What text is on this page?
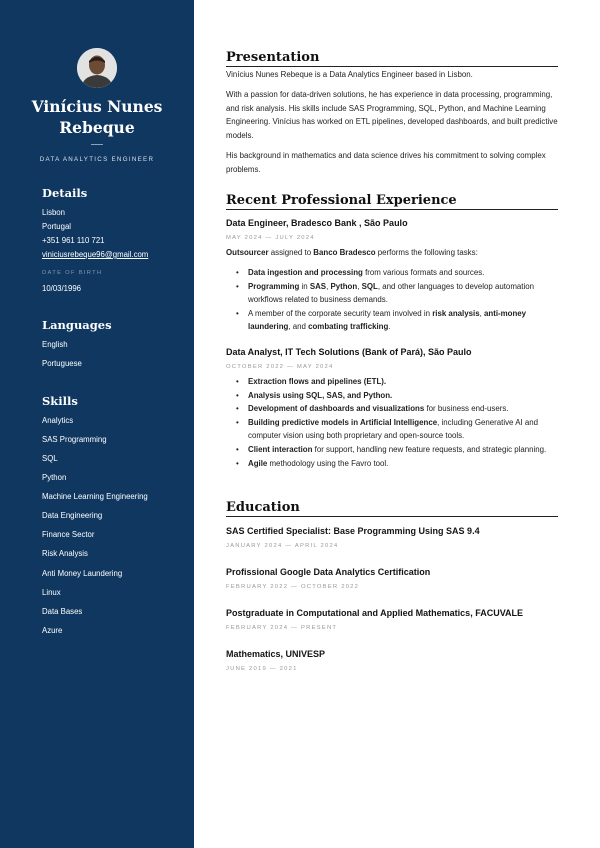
Vinícius Nunes Rebeque
DATA ANALYTICS ENGINEER
Details
Lisbon
Portugal
+351 961 110 721
viniciusrebeque96@gmail.com
DATE OF BIRTH
10/03/1996
Languages
English
Portuguese
Skills
Analytics
SAS Programming
SQL
Python
Machine Learning Engineering
Data Engineering
Finance Sector
Risk Analysis
Anti Money Laundering
Linux
Data Bases
Azure
Presentation
Vinícius Nunes Rebeque is a Data Analytics Engineer based in Lisbon.
With a passion for data-driven solutions, he has experience in data processing, programming, and risk analysis. His skills include SAS Programming, SQL, Python, and Machine Learning Engineering. Vinícius has worked on ETL pipelines, developed dashboards, and built predictive models.
His background in mathematics and data science drives his commitment to solving complex problems.
Recent Professional Experience
Data Engineer, Bradesco Bank , São Paulo
MAY 2024 — JULY 2024
Outsourcer assigned to Banco Bradesco performs the following tasks:
• Data ingestion and processing from various formats and sources.
• Programming in SAS, Python, SQL, and other languages to develop automation workflows related to business demands.
• A member of the corporate security team involved in risk analysis, anti-money laundering, and combating trafficking.
Data Analyst, IT Tech Solutions (Bank of Pará), São Paulo
OCTOBER 2022 — MAY 2024
• Extraction flows and pipelines (ETL).
• Analysis using SQL, SAS, and Python.
• Development of dashboards and visualizations for business end-users.
• Building predictive models in Artificial Intelligence, including Generative AI and computer vision using both proprietary and open-source tools.
• Client interaction for support, handling new feature requests, and strategic planning.
• Agile methodology using the Favro tool.
Education
SAS Certified Specialist: Base Programming Using SAS 9.4
JANUARY 2024 — APRIL 2024
Profissional Google Data Analytics Certification
FEBRUARY 2022 — OCTOBER 2022
Postgraduate in Computational and Applied Mathematics, FACUVALE
FEBRUARY 2024 — PRESENT
Mathematics, UNIVESP
JUNE 2019 — 2021
